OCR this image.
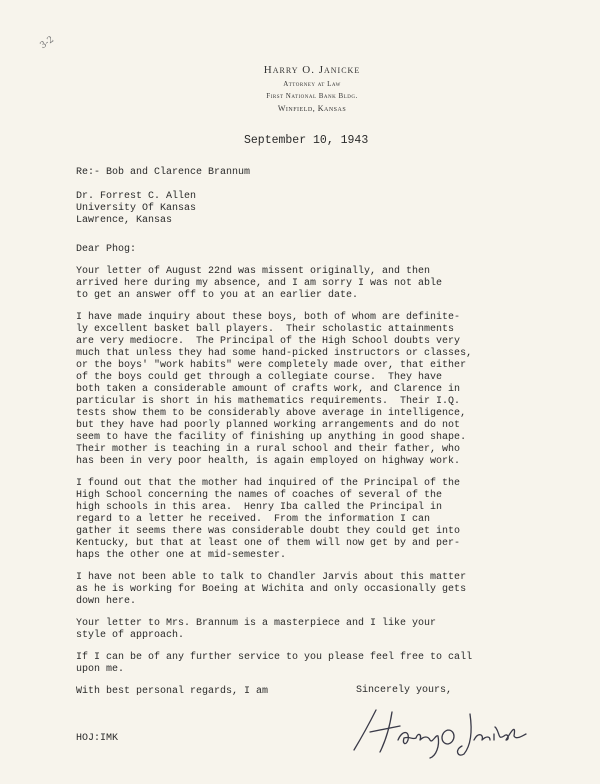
3-2
Harry O. Janicke
Attorney at Law
First National Bank Bldg.
Winfield, Kansas
September 10, 1943
Re:- Bob and Clarence Brannum
Dr. Forrest C. Allen
University Of Kansas
Lawrence, Kansas
Dear Phog:
Your letter of August 22nd was missent originally, and then
arrived here during my absence, and I am sorry I was not able
to get an answer off to you at an earlier date.
I have made inquiry about these boys, both of whom are definite-
ly excellent basket ball players.  Their scholastic attainments
are very mediocre.  The Principal of the High School doubts very
much that unless they had some hand-picked instructors or classes,
or the boys' "work habits" were completely made over, that either
of the boys could get through a collegiate course.  They have
both taken a considerable amount of crafts work, and Clarence in
particular is short in his mathematics requirements.  Their I.Q.
tests show them to be considerably above average in intelligence,
but they have had poorly planned working arrangements and do not
seem to have the facility of finishing up anything in good shape.
Their mother is teaching in a rural school and their father, who
has been in very poor health, is again employed on highway work.
I found out that the mother had inquired of the Principal of the
High School concerning the names of coaches of several of the
high schools in this area.  Henry Iba called the Principal in
regard to a letter he received.  From the information I can
gather it seems there was considerable doubt they could get into
Kentucky, but that at least one of them will now get by and per-
haps the other one at mid-semester.
I have not been able to talk to Chandler Jarvis about this matter
as he is working for Boeing at Wichita and only occasionally gets
down here.
Your letter to Mrs. Brannum is a masterpiece and I like your
style of approach.
If I can be of any further service to you please feel free to call
upon me.
With best personal regards, I am	Sincerely yours,
HOJ:IMK
